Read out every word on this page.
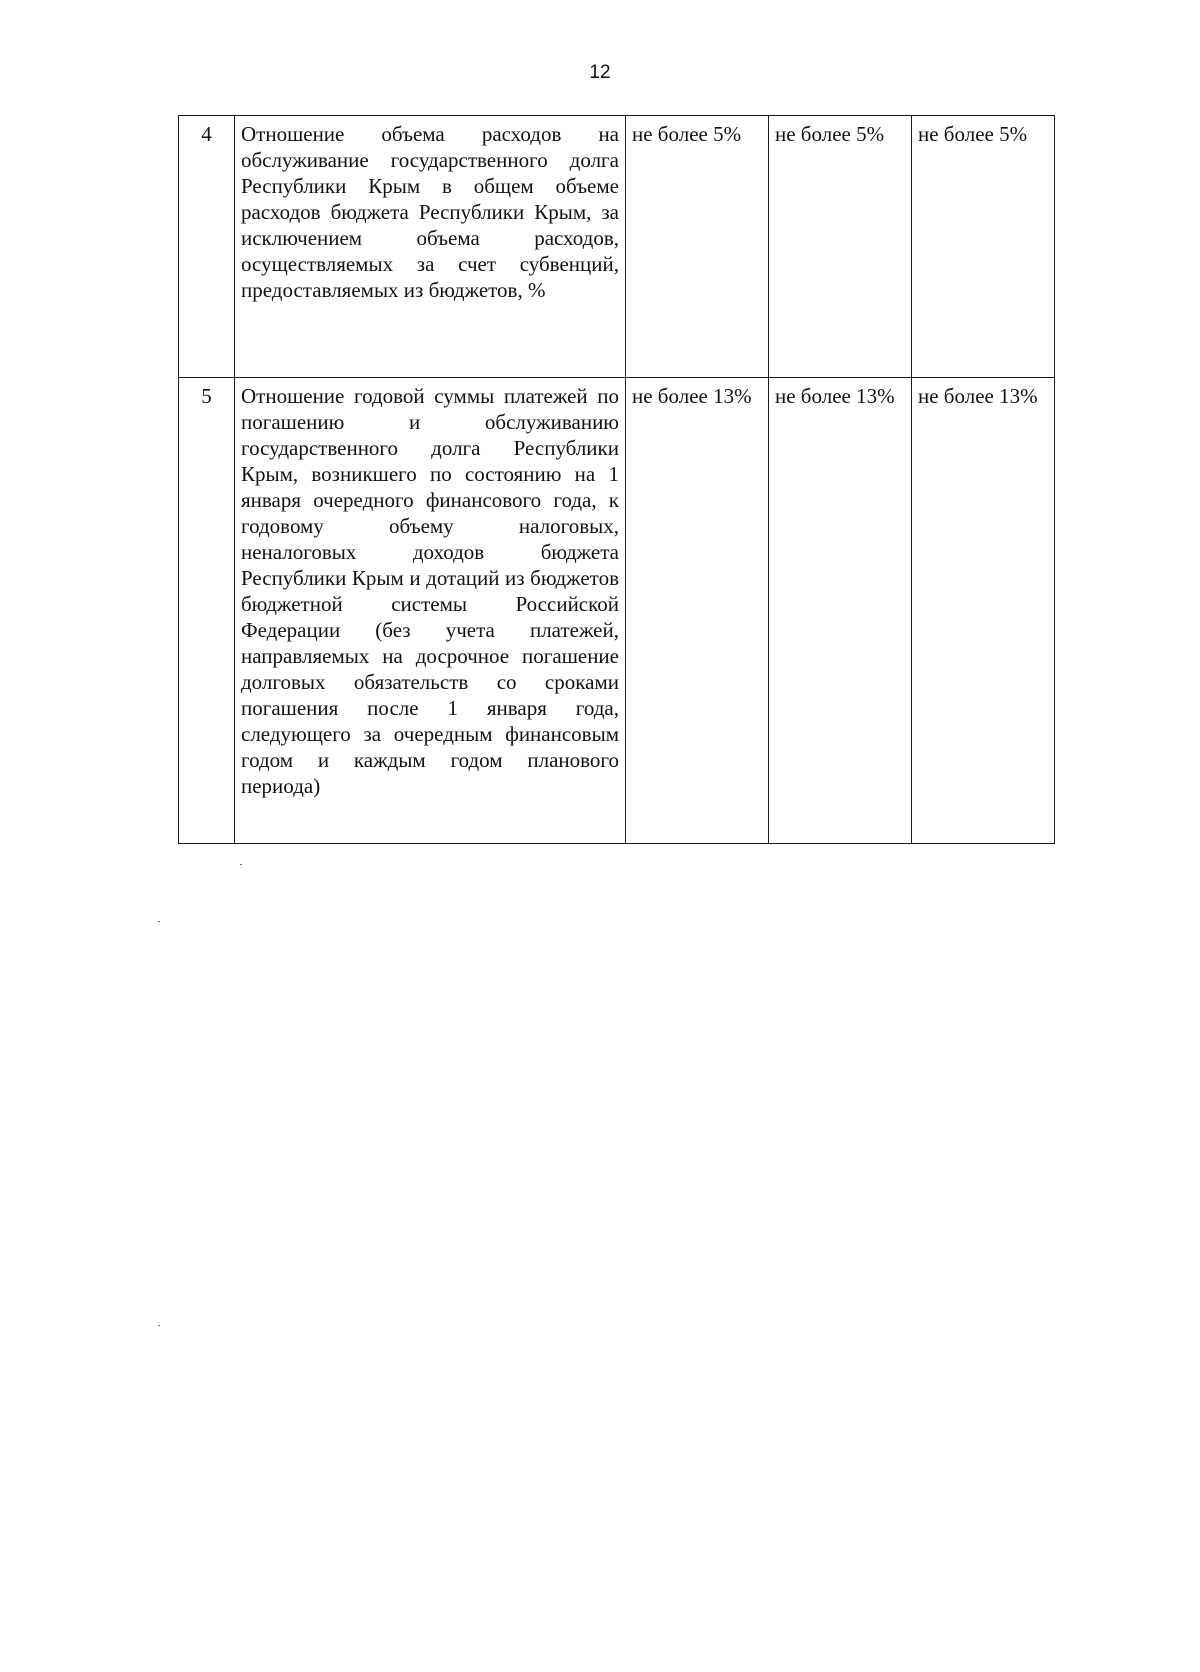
12
4	Отношение объема расходов на обслуживание государственного долга Республики Крым в общем объеме расходов бюджета Республики Крым, за исключением объема расходов, осуществляемых за счет субвенций, предоставляемых из бюджетов, %	не более 5%	не более 5%	не более 5%
5	Отношение годовой суммы платежей по погашению и обслуживанию государственного долга Республики Крым, возникшего по состоянию на 1 января очередного финансового года, к годовому объему налоговых, неналоговых доходов бюджета Республики Крым и дотаций из бюджетов бюджетной системы Российской Федерации (без учета платежей, направляемых на досрочное погашение долговых обязательств со сроками погашения после 1 января года, следующего за очередным финансовым годом и каждым годом планового периода)	не более 13%	не более 13%	не более 13%
